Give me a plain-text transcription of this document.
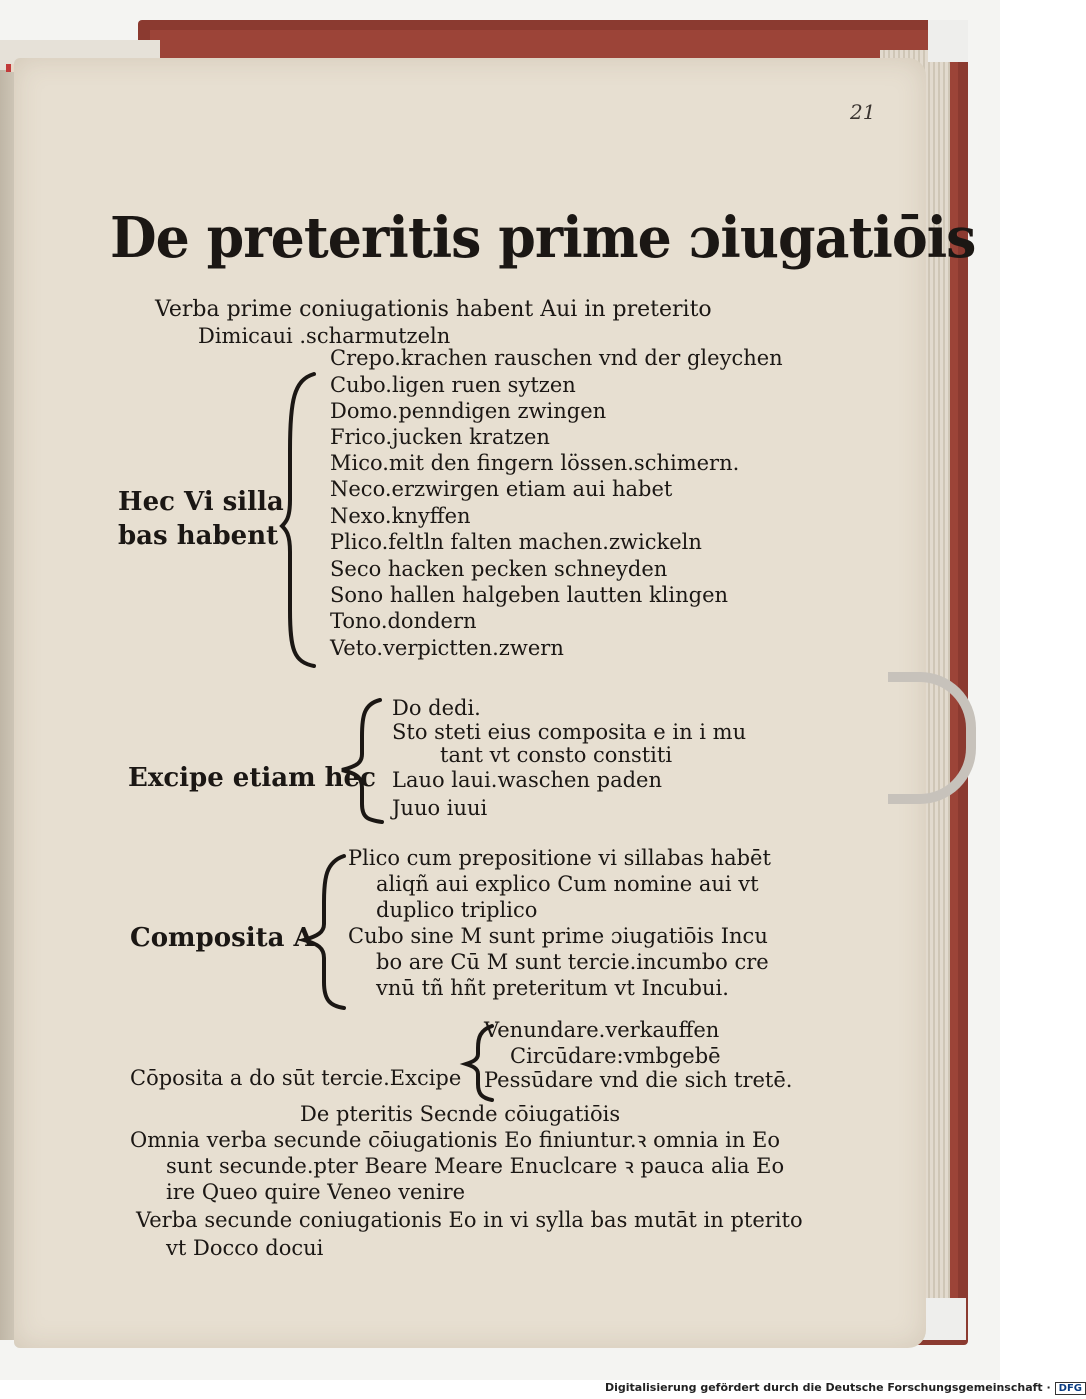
21
De preteritis prime ɔiugatiōis
Verba prime coniugationis habent Aui in preterito
Dimicaui .scharmutzeln
Hec Vi silla
bas habent
Crepo.krachen rauschen vnd der gleychen
Cubo.ligen ruen sytzen
Domo.penndigen zwingen
Frico.jucken kratzen
Mico.mit den fingern lössen.schimern.
Neco.erzwirgen etiam aui habet
Nexo.knyffen
Plico.feltln falten machen.zwickeln
Seco hacken pecken schneyden
Sono hallen halgeben lautten klingen
Tono.dondern
Veto.verpictten.zwern
Excipe etiam hec
Do dedi.
Sto steti eius composita e in i mu
tant vt consto constiti
Lauo laui.waschen paden
Juuo iuui
Composita A
Plico cum prepositione vi sillabas habēt
aliqñ aui explico Cum nomine aui vt
duplico triplico
Cubo sine M sunt prime ɔiugatiōis Incu
bo are Cū M sunt tercie.incumbo cre
vnū tñ hñt preteritum vt Incubui.
Cōposita a do sūt tercie.Excipe
Venundare.verkauffen
Circūdare:vmbgebē
Pessūdare vnd die sich tretē.
De pteritis Secnde cōiugatiōis
Omnia verba secunde cōiugationis Eo finiuntur.ꝛ omnia in Eo
sunt secunde.pter Beare Meare Enuclcare ꝛ pauca alia Eo
ire Queo quire Veneo venire
Verba secunde coniugationis Eo in vi sylla bas mutāt in pterito
vt Docco docui
Digitalisierung gefördert durch die Deutsche Forschungsgemeinschaft · DFG
